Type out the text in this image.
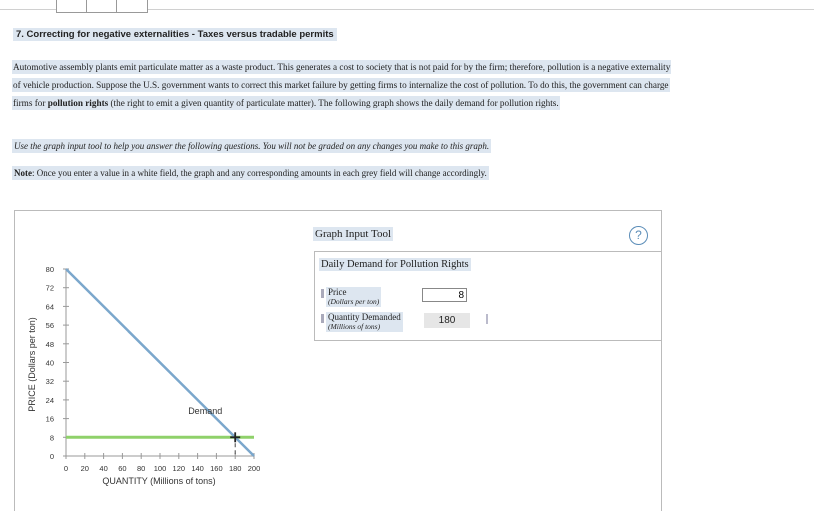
7. Correcting for negative externalities - Taxes versus tradable permits
Automotive assembly plants emit particulate matter as a waste product. This generates a cost to society that is not paid for by the firm; therefore, pollution is a negative externality
of vehicle production. Suppose the U.S. government wants to correct this market failure by getting firms to internalize the cost of pollution. To do this, the government can charge
firms for pollution rights (the right to emit a given quantity of particulate matter). The following graph shows the daily demand for pollution rights.
Use the graph input tool to help you answer the following questions. You will not be graded on any changes you make to this graph.
Note: Once you enter a value in a white field, the graph and any corresponding amounts in each grey field will change accordingly.
0
8
16
24
32
40
48
56
64
72
80
0 20 40 60 80 100 120 140 160 180 200
QUANTITY (Millions of tons)
PRICE (Dollars per ton)	Demand
Graph Input Tool	?
Daily Demand for Pollution Rights
Price
(Dollars per ton)
8
Quantity Demanded
(Millions of tons)
180
